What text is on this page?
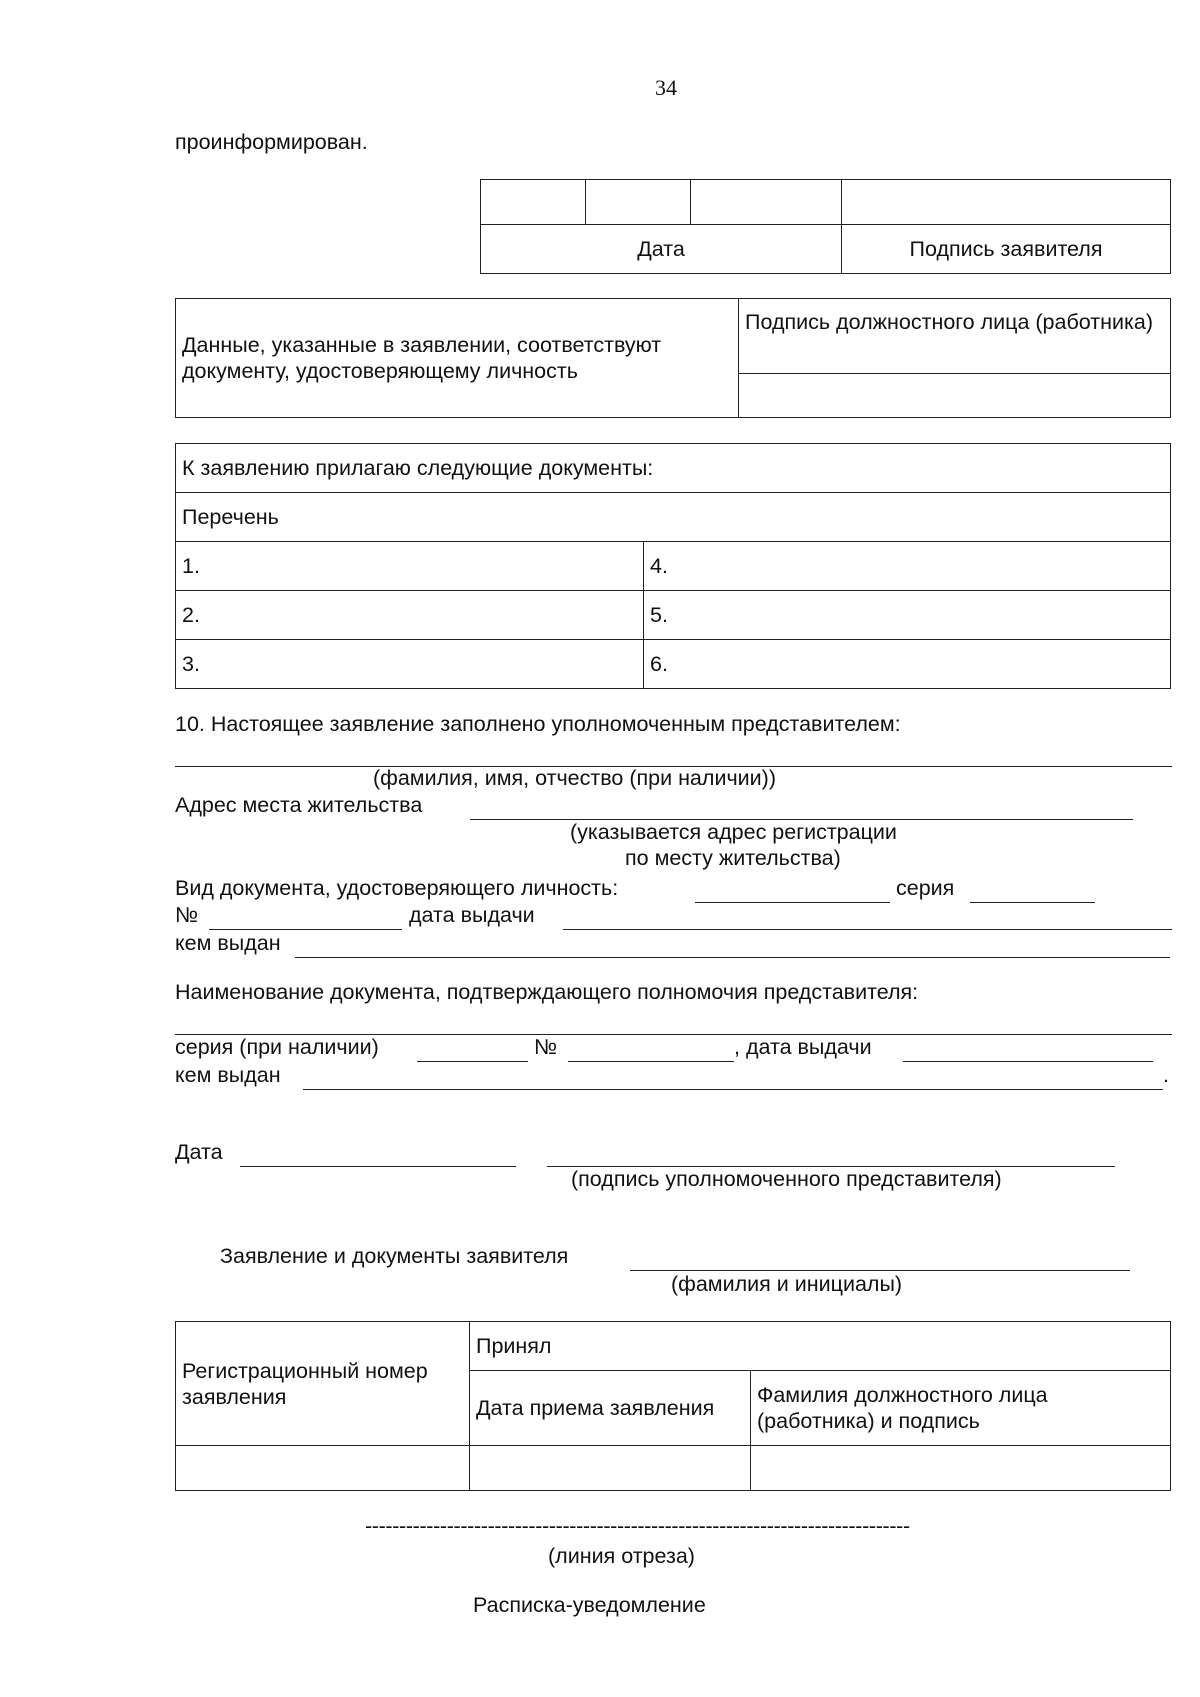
34
проинформирован.

Дата			Подпись заявителя
Данные, указанные в заявлении, соответствуют документу, удостоверяющему личность	Подпись должностного лица (работника)

К заявлению прилагаю следующие документы:	
Перечень	
1.	4.
2.	5.
3.	6.
10. Настоящее заявление заполнено уполномоченным представителем:
(фамилия, имя, отчество (при наличии))
Адрес места жительства
(указывается адрес регистрации
по месту жительства)
Вид документа, удостоверяющего личность:	серия
№	дата выдачи
кем выдан
Наименование документа, подтверждающего полномочия представителя:
серия (при наличии)	№	, дата выдачи
кем выдан	.
Дата
(подпись уполномоченного представителя)
Заявление и документы заявителя
(фамилия и инициалы)
Регистрационный номер заявления	Принял	
	Дата приема заявления	Фамилия должностного лица (работника) и подпись

--------------------------------------------------------------------------------
(линия отреза)
Расписка-уведомление
